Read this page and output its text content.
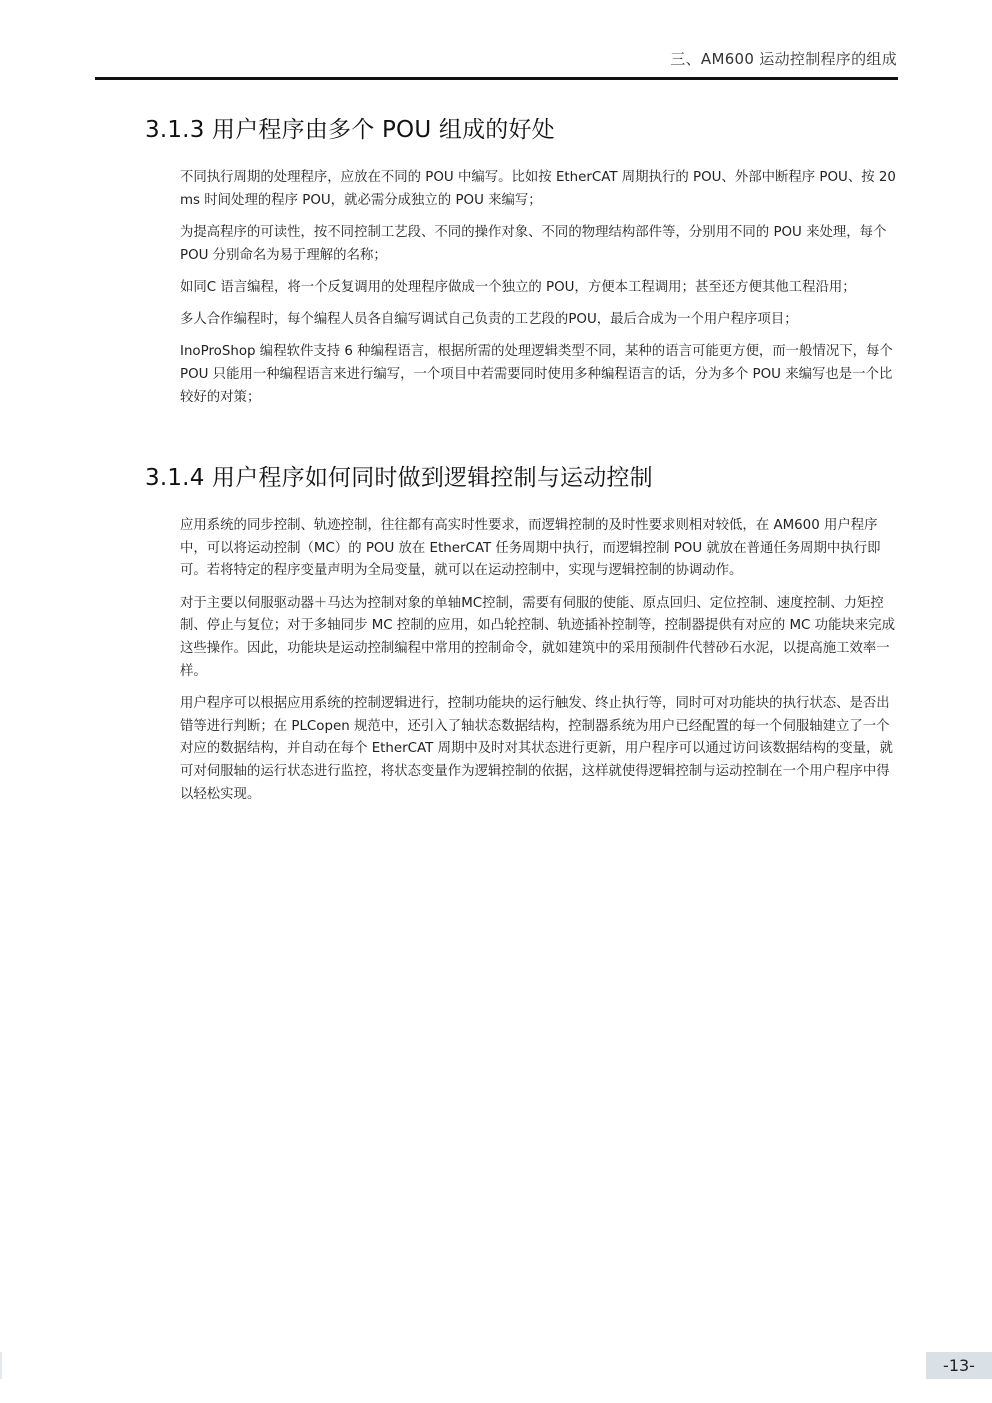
三、AM600 运动控制程序的组成
3.1.3 用户程序由多个 POU 组成的好处

不同执行周期的处理程序，应放在不同的 POU 中编写。比如按 EtherCAT 周期执行的 POU、外部中断程序 POU、按 20ms 时间处理的程序 POU，就必需分成独立的 POU 来编写；

为提高程序的可读性，按不同控制工艺段、不同的操作对象、不同的物理结构部件等，分别用不同的 POU 来处理，每个 POU 分别命名为易于理解的名称；

如同C 语言编程，将一个反复调用的处理程序做成一个独立的 POU，方便本工程调用；甚至还方便其他工程沿用；

多人合作编程时，每个编程人员各自编写调试自己负责的工艺段的POU，最后合成为一个用户程序项目；

InoProShop 编程软件支持 6 种编程语言，根据所需的处理逻辑类型不同，某种的语言可能更方便，而一般情况下，每个 POU 只能用一种编程语言来进行编写，一个项目中若需要同时使用多种编程语言的话，分为多个 POU 来编写也是一个比较好的对策；

3.1.4 用户程序如何同时做到逻辑控制与运动控制

应用系统的同步控制、轨迹控制，往往都有高实时性要求，而逻辑控制的及时性要求则相对较低，在 AM600 用户程序中，可以将运动控制（MC）的 POU 放在 EtherCAT 任务周期中执行，而逻辑控制 POU 就放在普通任务周期中执行即可。若将特定的程序变量声明为全局变量，就可以在运动控制中，实现与逻辑控制的协调动作。

对于主要以伺服驱动器＋马达为控制对象的单轴MC控制，需要有伺服的使能、原点回归、定位控制、速度控制、力矩控制、停止与复位；对于多轴同步 MC 控制的应用，如凸轮控制、轨迹插补控制等，控制器提供有对应的 MC 功能块来完成这些操作。因此，功能块是运动控制编程中常用的控制命令，就如建筑中的采用预制件代替砂石水泥，以提高施工效率一样。

用户程序可以根据应用系统的控制逻辑进行，控制功能块的运行触发、终止执行等，同时可对功能块的执行状态、是否出错等进行判断；在 PLCopen 规范中，还引入了轴状态数据结构，控制器系统为用户已经配置的每一个伺服轴建立了一个对应的数据结构，并自动在每个 EtherCAT 周期中及时对其状态进行更新，用户程序可以通过访问该数据结构的变量，就可对伺服轴的运行状态进行监控，将状态变量作为逻辑控制的依据，这样就使得逻辑控制与运动控制在一个用户程序中得以轻松实现。

-13-
